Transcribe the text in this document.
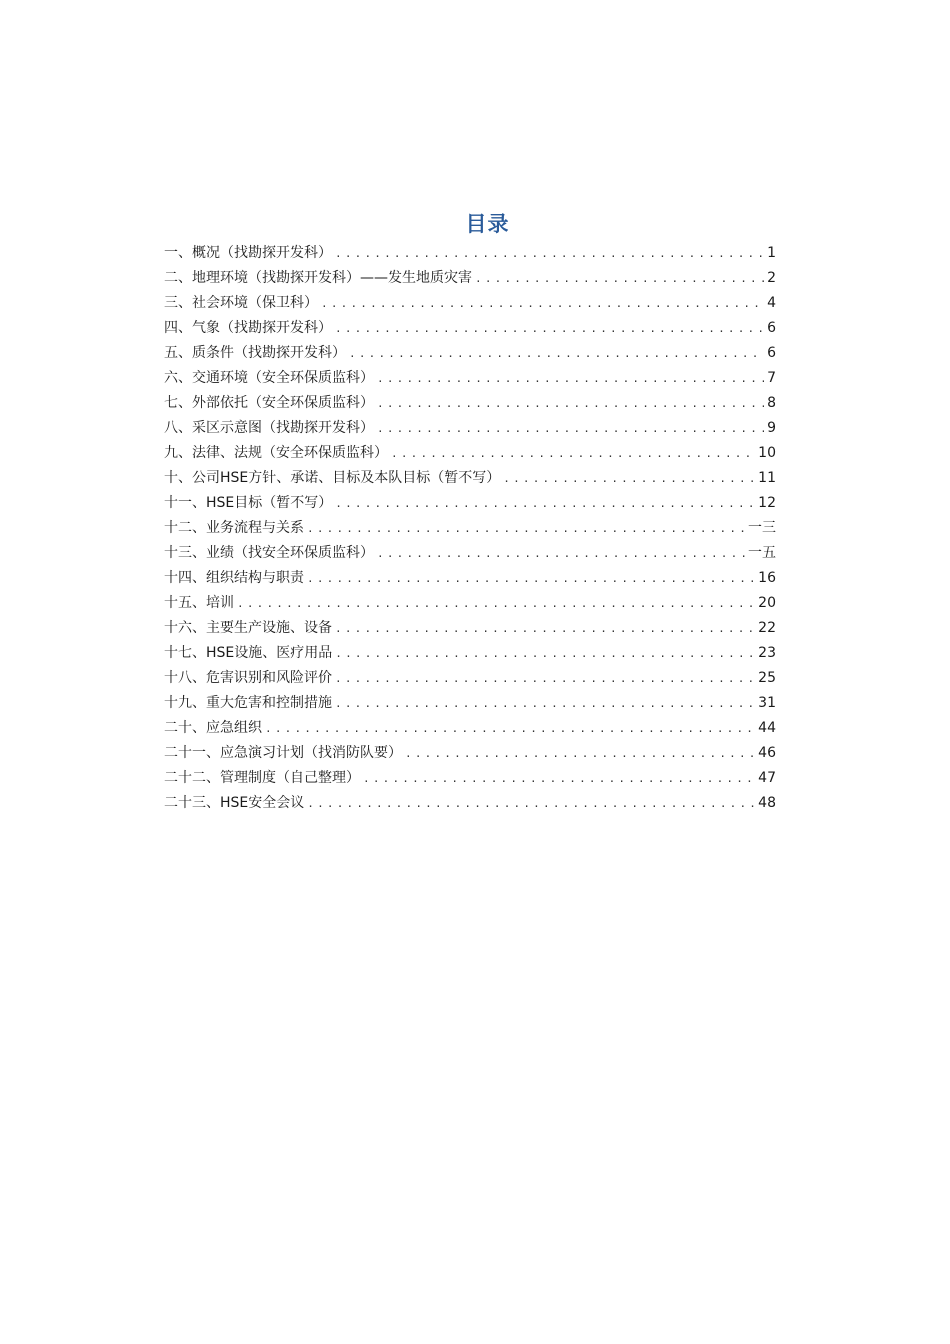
目录
一、概况（找勘探开发科） .....	1
二、地理环境（找勘探开发科）——发生地质灾害 .....	2
三、社会环境（保卫科） .....	4
四、气象（找勘探开发科） .....	6
五、质条件（找勘探开发科） .....	6
六、交通环境（安全环保质监科） .....	7
七、外部依托（安全环保质监科） .....	8
八、采区示意图（找勘探开发科） .....	9
九、法律、法规（安全环保质监科） .....	10
十、公司HSE方针、承诺、目标及本队目标（暂不写） .....	11
十一、HSE目标（暂不写） .....	12
十二、业务流程与关系 .....	一三
十三、业绩（找安全环保质监科） .....	一五
十四、组织结构与职责 .....	16
十五、培训 .....	20
十六、主要生产设施、设备 .....	22
十七、HSE设施、医疗用品 .....	23
十八、危害识别和风险评价 .....	25
十九、重大危害和控制措施 .....	31
二十、应急组织 .....	44
二十一、应急演习计划（找消防队要） .....	46
二十二、管理制度（自己整理） .....	47
二十三、HSE安全会议 .....	48
